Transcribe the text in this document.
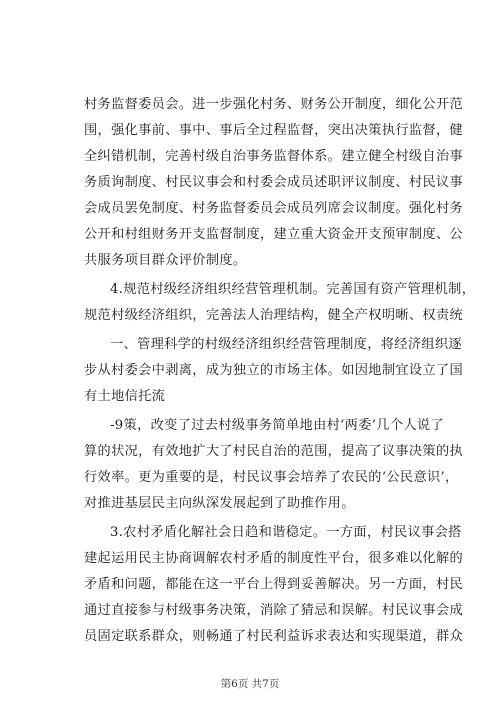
村务监督委员会。进一步强化村务、财务公开制度，细化公开范
围，强化事前、事中、事后全过程监督，突出决策执行监督，健
全纠错机制，完善村级自治事务监督体系。建立健全村级自治事
务质询制度、村民议事会和村委会成员述职评议制度、村民议事
会成员罢免制度、村务监督委员会成员列席会议制度。强化村务
公开和村组财务开支监督制度，建立重大资金开支预审制度、公
共服务项目群众评价制度。
4.规范村级经济组织经营管理机制。完善国有资产管理机制，
规范村级经济组织，完善法人治理结构，健全产权明晰、权责统
一、管理科学的村级经济组织经营管理制度，将经济组织逐
步从村委会中剥离，成为独立的市场主体。如因地制宜设立了国
有土地信托流
-9策，改变了过去村级事务简单地由村‘两委’几个人说了
算的状况，有效地扩大了村民自治的范围，提高了议事决策的执
行效率。更为重要的是，村民议事会培养了农民的‘公民意识’，
对推进基层民主向纵深发展起到了助推作用。
3.农村矛盾化解社会日趋和谐稳定。一方面，村民议事会搭
建起运用民主协商调解农村矛盾的制度性平台，很多难以化解的
矛盾和问题，都能在这一平台上得到妥善解决。另一方面，村民
通过直接参与村级事务决策，消除了猜忌和误解。村民议事会成
员固定联系群众，则畅通了村民利益诉求表达和实现渠道，群众
第6页 共7页
